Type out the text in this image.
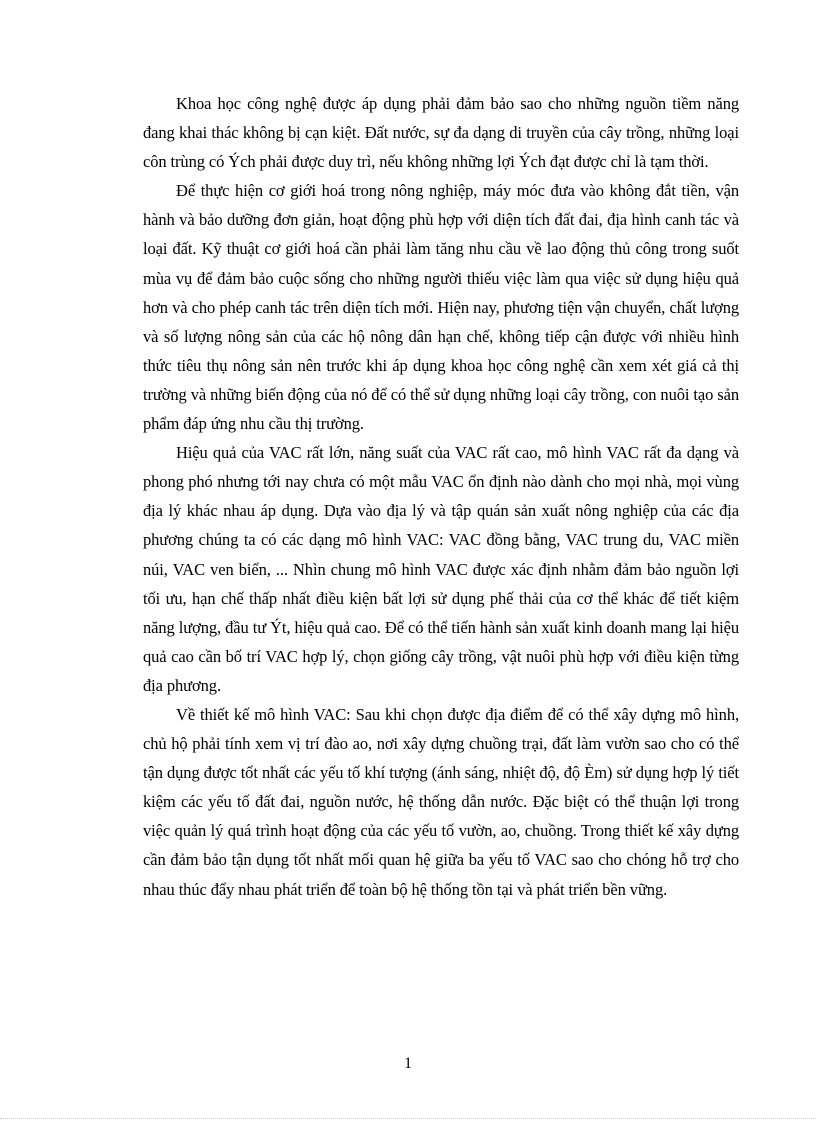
Khoa học công nghệ được áp dụng phải đảm bảo sao cho những nguồn tiềm năng đang khai thác không bị cạn kiệt. Đất nước, sự đa dạng di truyền của cây trồng, những loại côn trùng có Ých phải được duy trì, nếu không những lợi Ých đạt được chỉ là tạm thời.

Để thực hiện cơ giới hoá trong nông nghiệp, máy móc đưa vào không đắt tiền, vận hành và bảo dưỡng đơn giản, hoạt động phù hợp với diện tích đất đai, địa hình canh tác và loại đất. Kỹ thuật cơ giới hoá cần phải làm tăng nhu cầu về lao động thủ công trong suốt mùa vụ để đảm bảo cuộc sống cho những người thiếu việc làm qua việc sử dụng hiệu quả hơn và cho phép canh tác trên diện tích mới. Hiện nay, phương tiện vận chuyển, chất lượng và số lượng nông sản của các hộ nông dân hạn chế, không tiếp cận được với nhiều hình thức tiêu thụ nông sản nên trước khi áp dụng khoa học công nghệ cần xem xét giá cả thị trường và những biến động của nó để có thể sử dụng những loại cây trồng, con nuôi tạo sản phẩm đáp ứng nhu cầu thị trường.

Hiệu quả của VAC rất lớn, năng suất của VAC rất cao, mô hình VAC rất đa dạng và phong phó nhưng tới nay chưa có một mẫu VAC ổn định nào dành cho mọi nhà, mọi vùng địa lý khác nhau áp dụng. Dựa vào địa lý và tập quán sản xuất nông nghiệp của các địa phương chúng ta có các dạng mô hình VAC: VAC đồng bằng, VAC trung du, VAC miền núi, VAC ven biển, ... Nhìn chung mô hình VAC được xác định nhằm đảm bảo nguồn lợi tối ưu, hạn chế thấp nhất điều kiện bất lợi sử dụng phế thải của cơ thể khác để tiết kiệm năng lượng, đầu tư Ýt, hiệu quả cao. Để có thể tiến hành sản xuất kinh doanh mang lại hiệu quả cao cần bố trí VAC hợp lý, chọn giống cây trồng, vật nuôi phù hợp với điều kiện từng địa phương.

Về thiết kế mô hình VAC: Sau khi chọn được địa điểm để có thể xây dựng mô hình, chủ hộ phải tính xem vị trí đào ao, nơi xây dựng chuồng trại, đất làm vườn sao cho có thể tận dụng được tốt nhất các yếu tố khí tượng (ánh sáng, nhiệt độ, độ Èm) sử dụng hợp lý tiết kiệm các yếu tố đất đai, nguồn nước, hệ thống dẫn nước. Đặc biệt có thể thuận lợi trong việc quản lý quá trình hoạt động của các yếu tố vườn, ao, chuồng. Trong thiết kế xây dựng cần đảm bảo tận dụng tốt nhất mối quan hệ giữa ba yếu tố VAC sao cho chóng hỗ trợ cho nhau thúc đẩy nhau phát triển để toàn bộ hệ thống tồn tại và phát triển bền vững.

1
